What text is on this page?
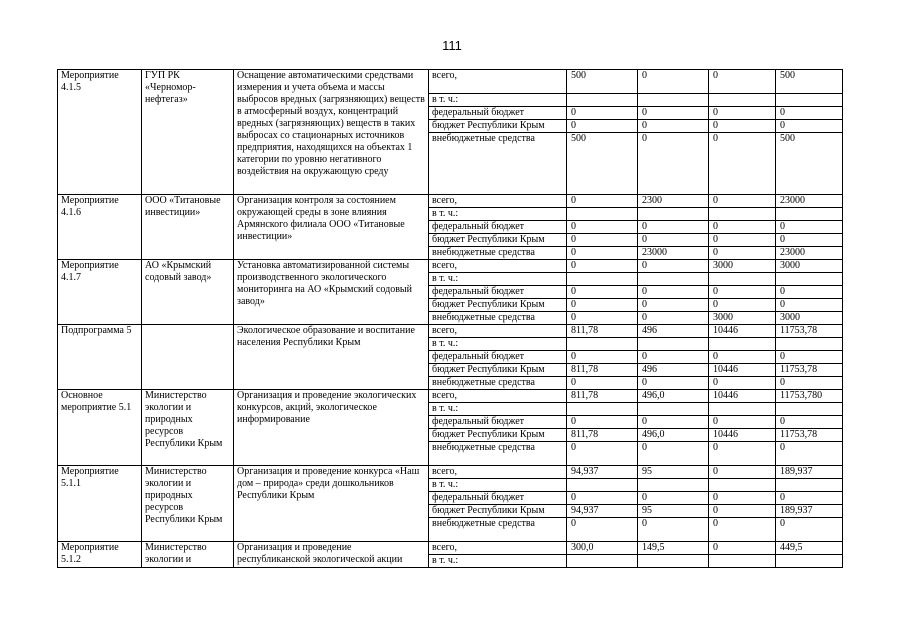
111
Мероприятие 4.1.5	ГУП РК «Черномор-нефтегаз»	Оснащение автоматическими средствами измерения и учета объема и массы выбросов вредных (загрязняющих) веществ в атмосферный воздух, концентраций вредных (загрязняющих) веществ в таких выбросах со стационарных источников предприятия, находящихся на объектах 1 категории по уровню негативного воздействия на окружающую среду	всего,	500	0	0	500
			в т. ч.:				
			федеральный бюджет	0	0	0	0
			бюджет Республики Крым	0	0	0	0
			внебюджетные средства	500	0	0	500
Мероприятие 4.1.6	ООО «Титановые инвестиции»	Организация контроля за состоянием окружающей среды в зоне влияния Армянского филиала ООО «Титановые инвестиции»	всего,	0	2300	0	23000
			в т. ч.:				
			федеральный бюджет	0	0	0	0
			бюджет Республики Крым	0	0	0	0
			внебюджетные средства	0	23000	0	23000
Мероприятие 4.1.7	АО «Крымский содовый завод»	Установка автоматизированной системы производственного экологического мониторинга на АО «Крымский содовый завод»	всего,	0	0	3000	3000
			в т. ч.:				
			федеральный бюджет	0	0	0	0
			бюджет Республики Крым	0	0	0	0
			внебюджетные средства	0	0	3000	3000
Подпрограмма 5		Экологическое образование и воспитание населения Республики Крым	всего,	811,78	496	10446	11753,78
			в т. ч.:				
			федеральный бюджет	0	0	0	0
			бюджет Республики Крым	811,78	496	10446	11753,78
			внебюджетные средства	0	0	0	0
Основное мероприятие 5.1	Министерство экологии и природных ресурсов Республики Крым	Организация и проведение экологических конкурсов, акций, экологическое информирование	всего,	811,78	496,0	10446	11753,780
			в т. ч.:				
			федеральный бюджет	0	0	0	0
			бюджет Республики Крым	811,78	496,0	10446	11753,78
			внебюджетные средства	0	0	0	0
Мероприятие 5.1.1	Министерство экологии и природных ресурсов Республики Крым	Организация и проведение конкурса «Наш дом – природа» среди дошкольников Республики Крым	всего,	94,937	95	0	189,937
			в т. ч.:				
			федеральный бюджет	0	0	0	0
			бюджет Республики Крым	94,937	95	0	189,937
			внебюджетные средства	0	0	0	0
Мероприятие 5.1.2	Министерство экологии и	Организация и проведение республиканской экологической акции	всего,	300,0	149,5	0	449,5
			в т. ч.:				
